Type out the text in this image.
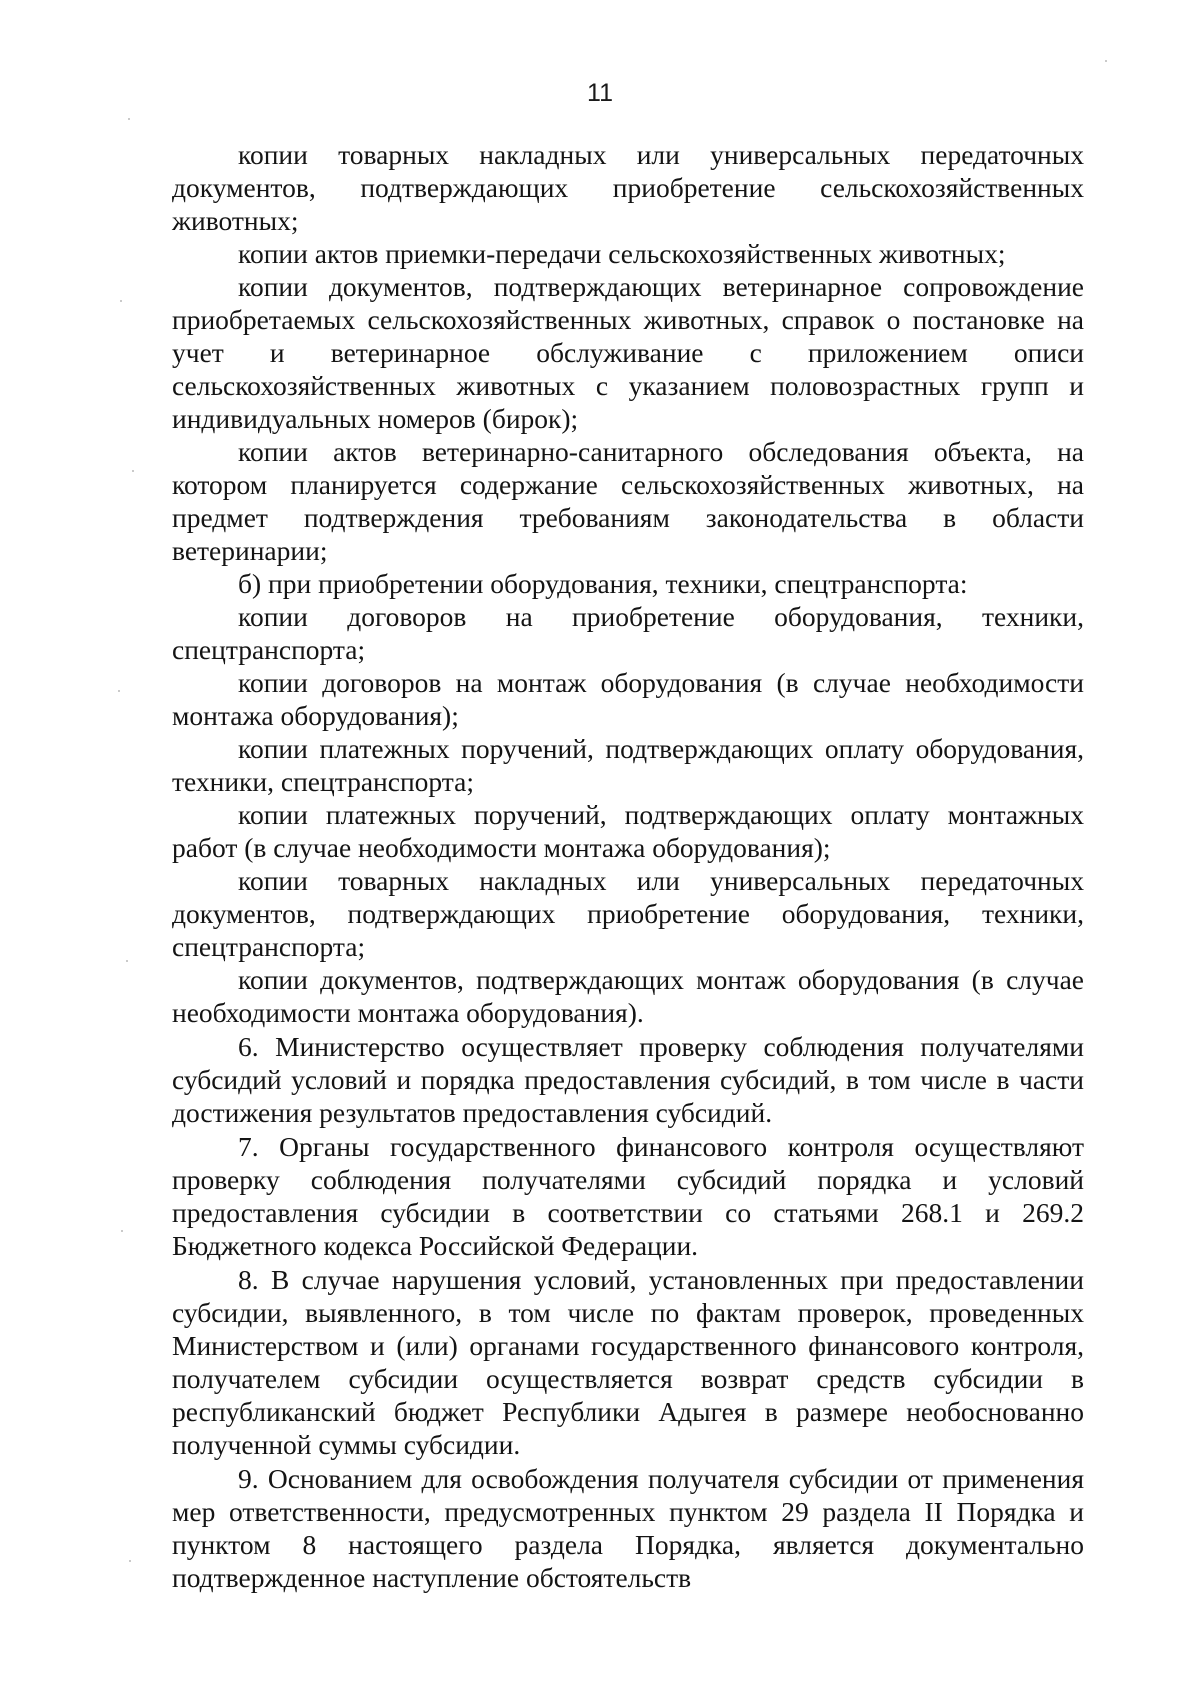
11

копии товарных накладных или универсальных передаточных документов, подтверждающих приобретение сельскохозяйственных животных;

копии актов приемки-передачи сельскохозяйственных животных;

копии документов, подтверждающих ветеринарное сопровождение приобретаемых сельскохозяйственных животных, справок о постановке на учет и ветеринарное обслуживание с приложением описи сельскохозяйственных животных с указанием половозрастных групп и индивидуальных номеров (бирок);

копии актов ветеринарно-санитарного обследования объекта, на котором планируется содержание сельскохозяйственных животных, на предмет подтверждения требованиям законодательства в области ветеринарии;

б) при приобретении оборудования, техники, спецтранспорта:

копии договоров на приобретение оборудования, техники, спецтранспорта;

копии договоров на монтаж оборудования (в случае необходимости монтажа оборудования);

копии платежных поручений, подтверждающих оплату оборудования, техники, спецтранспорта;

копии платежных поручений, подтверждающих оплату монтажных работ (в случае необходимости монтажа оборудования);

копии товарных накладных или универсальных передаточных документов, подтверждающих приобретение оборудования, техники, спецтранспорта;

копии документов, подтверждающих монтаж оборудования (в случае необходимости монтажа оборудования).

6. Министерство осуществляет проверку соблюдения получателями субсидий условий и порядка предоставления субсидий, в том числе в части достижения результатов предоставления субсидий.

7. Органы государственного финансового контроля осуществляют проверку соблюдения получателями субсидий порядка и условий предоставления субсидии в соответствии со статьями 268.1 и 269.2 Бюджетного кодекса Российской Федерации.

8. В случае нарушения условий, установленных при предоставлении субсидии, выявленного, в том числе по фактам проверок, проведенных Министерством и (или) органами государственного финансового контроля, получателем субсидии осуществляется возврат средств субсидии в республиканский бюджет Республики Адыгея в размере необоснованно полученной суммы субсидии.

9. Основанием для освобождения получателя субсидии от применения мер ответственности, предусмотренных пунктом 29 раздела II Порядка и пунктом 8 настоящего раздела Порядка, является документально подтвержденное наступление обстоятельств
